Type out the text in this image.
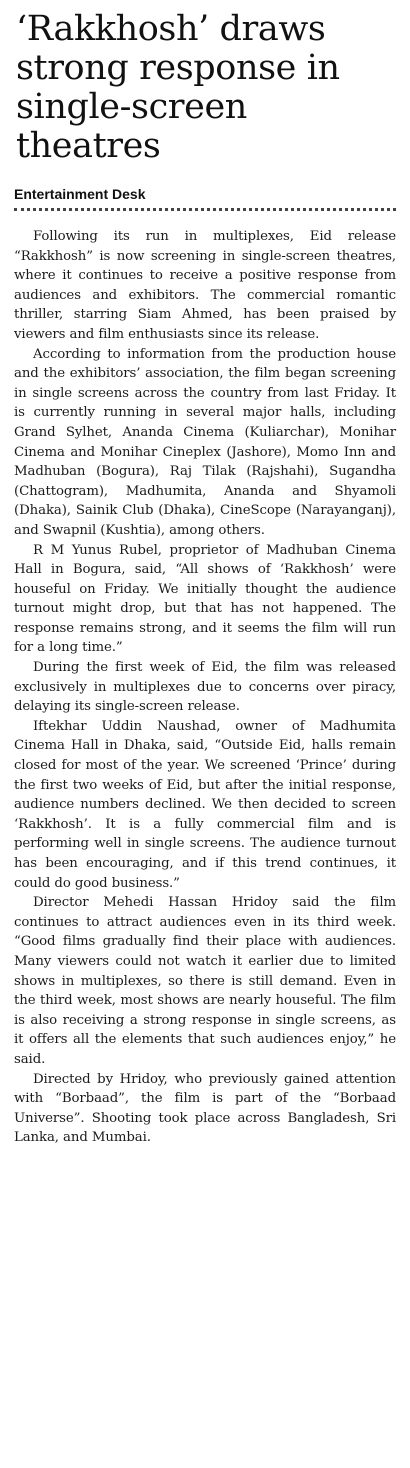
‘Rakkhosh’ draws strong response in single-screen theatres
Entertainment Desk

Following its run in multiplexes, Eid release “Rakkhosh” is now screening in single-screen theatres, where it continues to receive a positive response from audiences and exhibitors. The commercial romantic thriller, starring Siam Ahmed, has been praised by viewers and film enthusiasts since its release.

According to information from the production house and the exhibitors’ association, the film began screening in single screens across the country from last Friday. It is currently running in several major halls, including Grand Sylhet, Ananda Cinema (Kuliarchar), Monihar Cinema and Monihar Cineplex (Jashore), Momo Inn and Madhuban (Bogura), Raj Tilak (Rajshahi), Sugandha (Chattogram), Madhumita, Ananda and Shyamoli (Dhaka), Sainik Club (Dhaka), CineScope (Narayanganj), and Swapnil (Kushtia), among others.

R M Yunus Rubel, proprietor of Madhuban Cinema Hall in Bogura, said, “All shows of ‘Rakkhosh’ were houseful on Friday. We initially thought the audience turnout might drop, but that has not happened. The response remains strong, and it seems the film will run for a long time.”

During the first week of Eid, the film was released exclusively in multiplexes due to concerns over piracy, delaying its single-screen release.

Iftekhar Uddin Naushad, owner of Madhumita Cinema Hall in Dhaka, said, “Outside Eid, halls remain closed for most of the year. We screened ‘Prince’ during the first two weeks of Eid, but after the initial response, audience numbers declined. We then decided to screen ‘Rakkhosh’. It is a fully commercial film and is performing well in single screens. The audience turnout has been encouraging, and if this trend continues, it could do good business.”

Director Mehedi Hassan Hridoy said the film continues to attract audiences even in its third week. “Good films gradually find their place with audiences. Many viewers could not watch it earlier due to limited shows in multiplexes, so there is still demand. Even in the third week, most shows are nearly houseful. The film is also receiving a strong response in single screens, as it offers all the elements that such audiences enjoy,” he said.

Directed by Hridoy, who previously gained attention with “Borbaad”, the film is part of the “Borbaad Universe”. Shooting took place across Bangladesh, Sri Lanka, and Mumbai.
